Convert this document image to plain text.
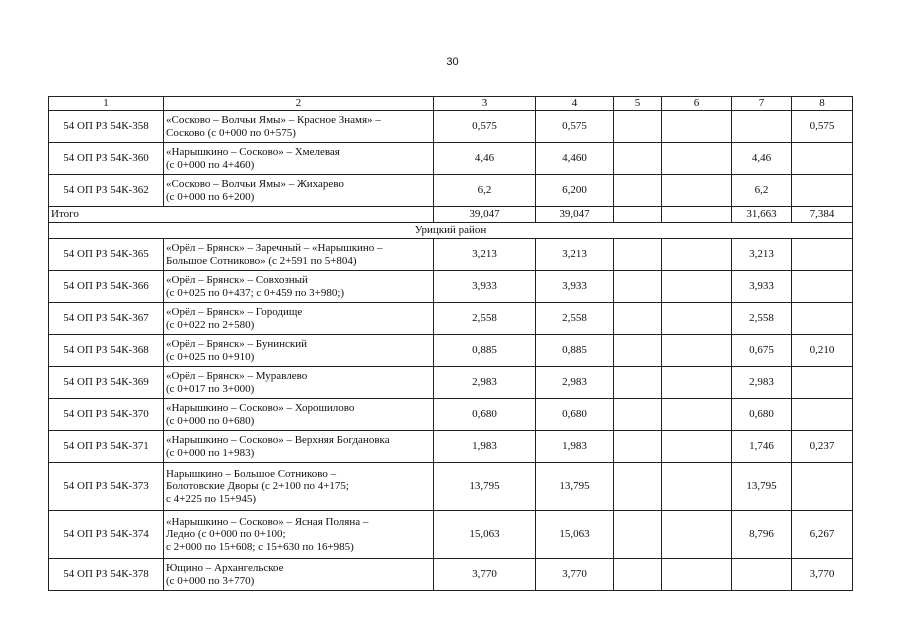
30
1	2	3	4	5	6	7	8
54 ОП РЗ 54К-358	«Сосково – Волчьи Ямы» – Красное Знамя» –
Сосково (с 0+000 по 0+575)	0,575	0,575				0,575
54 ОП РЗ 54К-360	«Нарышкино – Сосково» – Хмелевая
(с 0+000 по 4+460)	4,46	4,460			4,46	
54 ОП РЗ 54К-362	«Сосково – Волчьи Ямы» – Жихарево
(с 0+000 по 6+200)	6,2	6,200			6,2	
Итого		39,047	39,047			31,663	7,384
Урицкий район							
54 ОП РЗ 54К-365	«Орёл – Брянск» – Заречный – «Нарышкино –
Большое Сотниково» (с 2+591 по 5+804)	3,213	3,213			3,213	
54 ОП РЗ 54К-366	«Орёл – Брянск» – Совхозный
(с 0+025 по 0+437; с 0+459 по 3+980;)	3,933	3,933			3,933	
54 ОП РЗ 54К-367	«Орёл – Брянск» – Городище
(с 0+022 по 2+580)	2,558	2,558			2,558	
54 ОП РЗ 54К-368	«Орёл – Брянск» – Бунинский
(с 0+025 по 0+910)	0,885	0,885			0,675	0,210
54 ОП РЗ 54К-369	«Орёл – Брянск» – Муравлево
(с 0+017 по 3+000)	2,983	2,983			2,983	
54 ОП РЗ 54К-370	«Нарышкино – Сосково» – Хорошилово
(с 0+000 по 0+680)	0,680	0,680			0,680	
54 ОП РЗ 54К-371	«Нарышкино – Сосково» – Верхняя Богдановка
(с 0+000 по 1+983)	1,983	1,983			1,746	0,237
54 ОП РЗ 54К-373	Нарышкино – Большое Сотниково –
Болотовские Дворы (с 2+100 по 4+175;
с 4+225 по 15+945)	13,795	13,795			13,795	
54 ОП РЗ 54К-374	«Нарышкино – Сосково» – Ясная Поляна –
Ледно (с 0+000 по 0+100;
с 2+000 по 15+608; с 15+630 по 16+985)	15,063	15,063			8,796	6,267
54 ОП РЗ 54К-378	Ющино – Архангельское
(с 0+000 по 3+770)	3,770	3,770				3,770
